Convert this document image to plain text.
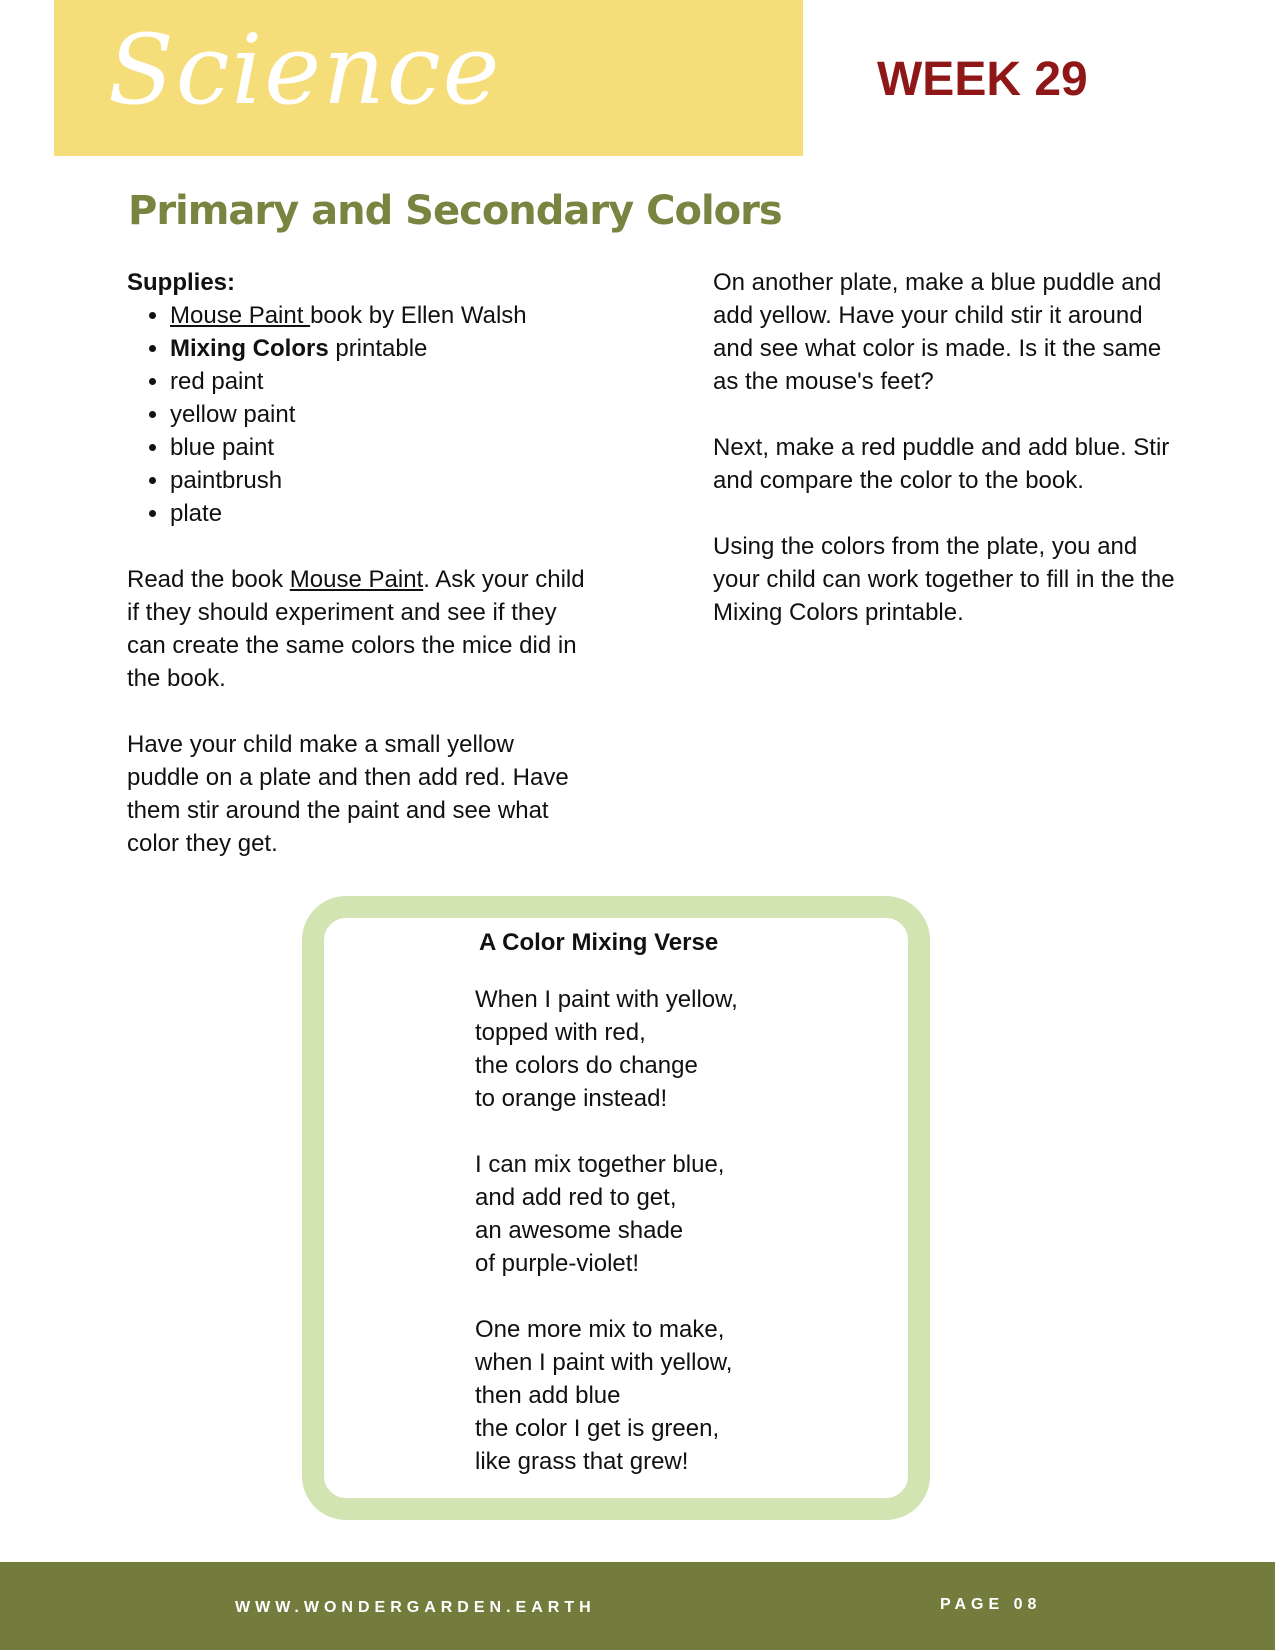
Science	WEEK 29
Primary and Secondary Colors
Supplies:
• Mouse Paint book by Ellen Walsh
• Mixing Colors printable
• red paint
• yellow paint
• blue paint
• paintbrush
• plate

Read the book Mouse Paint. Ask your child if they should experiment and see if they can create the same colors the mice did in the book.

Have your child make a small yellow puddle on a plate and then add red. Have them stir around the paint and see what color they get.

On another plate, make a blue puddle and add yellow. Have your child stir it around and see what color is made. Is it the same as the mouse's feet?

Next, make a red puddle and add blue. Stir and compare the color to the book.

Using the colors from the plate, you and your child can work together to fill in the the Mixing Colors printable.

A Color Mixing Verse

When I paint with yellow,
topped with red,
the colors do change
to orange instead!

I can mix together blue,
and add red to get,
an awesome shade
of purple-violet!

One more mix to make,
when I paint with yellow,
then add blue
the color I get is green,
like grass that grew!

WWW.WONDERGARDEN.EARTH	PAGE 08
